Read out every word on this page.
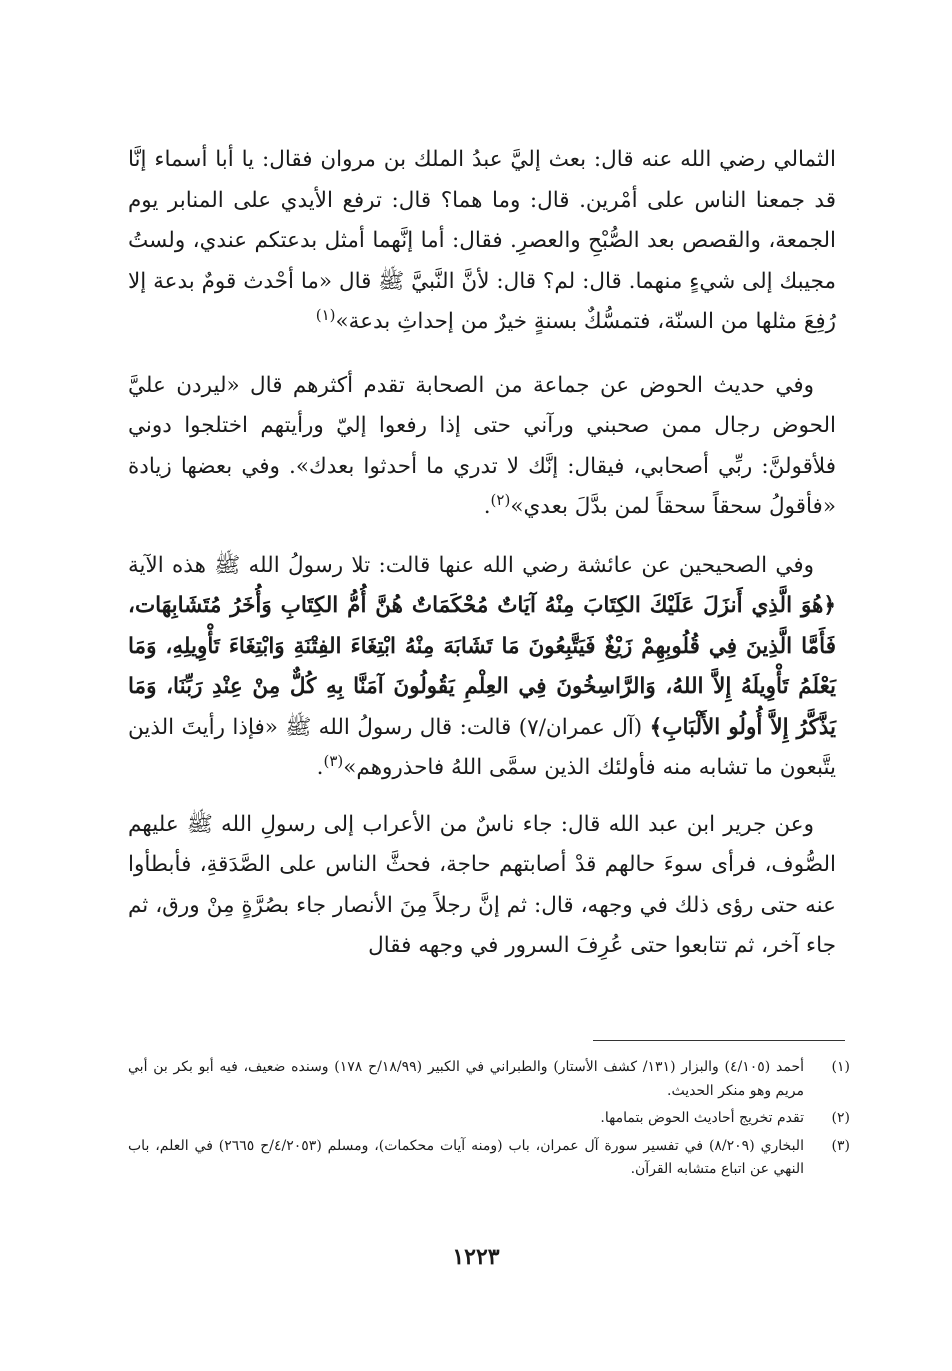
الثمالي رضي الله عنه قال: بعث إليَّ عبدُ الملك بن مروان فقال: يا أبا أسماء إنَّا قد جمعنا الناس على أمْرين. قال: وما هما؟ قال: ترفع الأيدي على المنابر يوم الجمعة، والقصص بعد الصُّبْحِ والعصرِ. فقال: أما إنَّهما أمثل بدعتكم عندي، ولستُ مجيبك إلى شيءٍ منهما. قال: لم؟ قال: لأنَّ النَّبيَّ ﷺ قال «ما أحْدث قومٌ بدعة إلا رُفِعَ مثلها من السنّة، فتمسُّكٌ بسنةٍ خيرٌ من إحداثِ بدعة»$^{(١)}$

وفي حديث الحوض عن جماعة من الصحابة تقدم أكثرهم قال «ليردن عليَّ الحوض رجال ممن صحبني ورآني حتى إذا رفعوا إليّ ورأيتهم اختلجوا دوني فلأقولنَّ: ربِّي أصحابي، فيقال: إنَّك لا تدري ما أحدثوا بعدك». وفي بعضها زيادة «فأقولُ سحقاً سحقاً لمن بدَّلَ بعدي»$^{(٢)}$.

وفي الصحيحين عن عائشة رضي الله عنها قالت: تلا رسولُ الله ﷺ هذه الآية ﴿هُوَ الَّذِي أَنزَلَ عَلَيْكَ الكِتَابَ مِنْهُ آيَاتٌ مُحْكَمَاتٌ هُنَّ أُمُّ الكِتَابِ وَأُخَرُ مُتَشَابِهَات، فَأَمَّا الَّذِينَ فِي قُلُوبِهِمْ زَيْغٌ فَيَتَّبِعُونَ مَا تَشَابَهَ مِنْهُ ابْتِغَاءَ الفِتْنَةِ وَابْتِغَاءَ تَأْوِيلِهِ، وَمَا يَعْلَمُ تَأْوِيلَهُ إِلاَّ اللهُ، وَالرَّاسِخُونَ فِي العِلْمِ يَقُولُونَ آمَنَّا بِهِ كُلٌّ مِنْ عِنْدِ رَبِّنَا، وَمَا يَذَّكَّرُ إِلاَّ أُولُو الأَلْبَابِ﴾ (آل عمران/٧) قالت: قال رسولُ الله ﷺ «فإذا رأيتَ الذين يتَّبعون ما تشابه منه فأولئك الذين سمَّى اللهُ فاحذروهم»$^{(٣)}$.

وعن جرير ابن عبد الله قال: جاء ناسٌ من الأعراب إلى رسولِ الله ﷺ عليهم الصُّوف، فرأى سوءَ حالهم قدْ أصابتهم حاجة، فحثَّ الناس على الصَّدَقةِ، فأبطأوا عنه حتى رؤى ذلك في وجهه، قال: ثم إنَّ رجلاً مِنَ الأنصار جاء بصُرَّةٍ مِنْ ورق، ثم جاء آخر، ثم تتابعوا حتى عُرِفَ السرور في وجهه فقال

(١)
أحمد (٤/١٠٥) والبزار (١٣١/ كشف الأستار) والطبراني في الكبير (١٨/٩٩/ح ١٧٨) وسنده ضعيف، فيه أبو بكر بن أبي مريم وهو منكر الحديث.
(٢)
تقدم تخريج أحاديث الحوض بتمامها.
(٣)
البخاري (٨/٢٠٩) في تفسير سورة آل عمران، باب (ومنه آيات محكمات)، ومسلم (٤/٢٠٥٣/ح ٢٦٦٥) في العلم، باب النهي عن اتباع متشابه القرآن.
١٢٢٣
